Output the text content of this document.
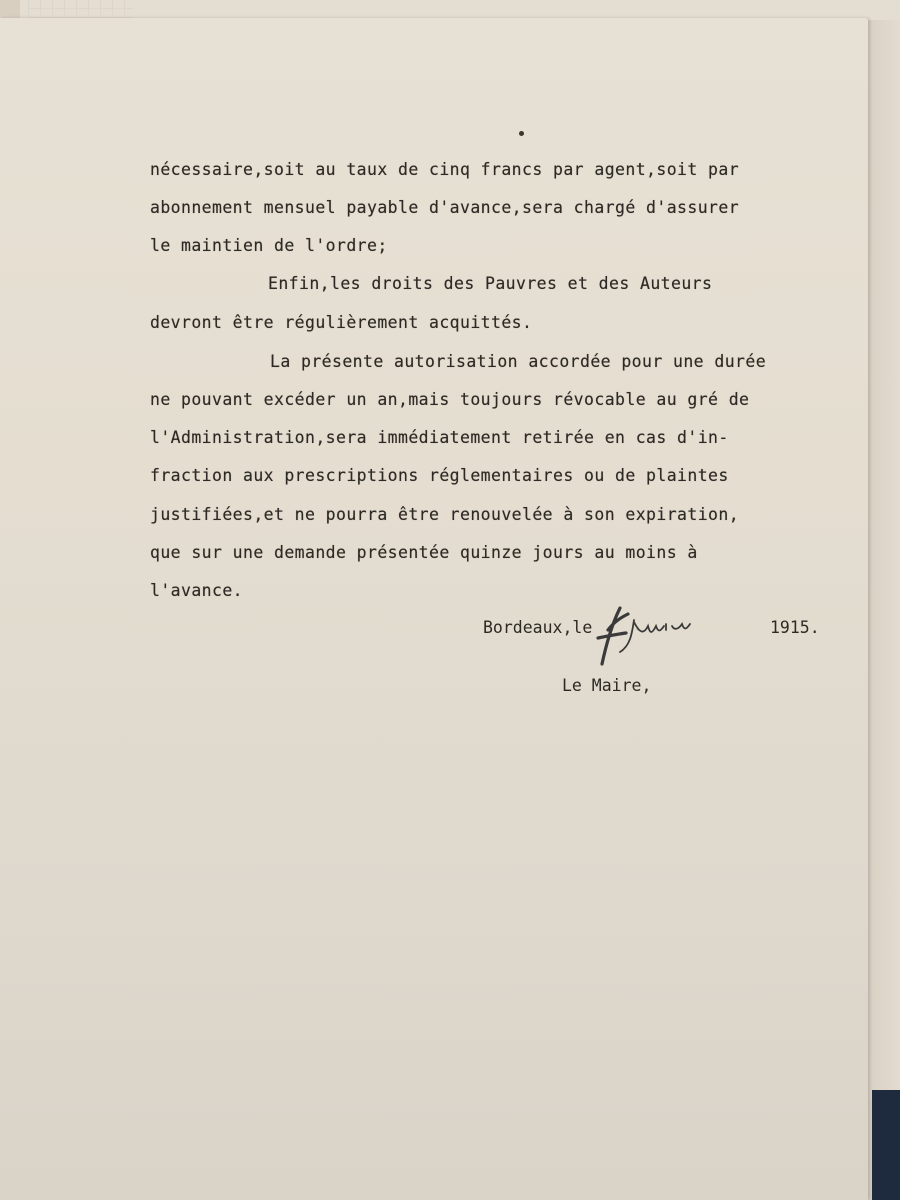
nécessaire,soit au taux de cinq francs par agent,soit par

abonnement mensuel payable d'avance,sera chargé d'assurer

le maintien de l'ordre;

Enfin,les droits des Pauvres et des Auteurs

devront être régulièrement acquittés.

La présente autorisation accordée pour une durée

ne pouvant excéder un an,mais toujours révocable au gré de

l'Administration,sera immédiatement retirée en cas d'in-

fraction aux prescriptions réglementaires ou de plaintes

justifiées,et ne pourra être renouvelée à son expiration,

que sur une demande présentée quinze jours au moins à

l'avance.

Bordeaux,le	Juin	1915.
Le Maire,
